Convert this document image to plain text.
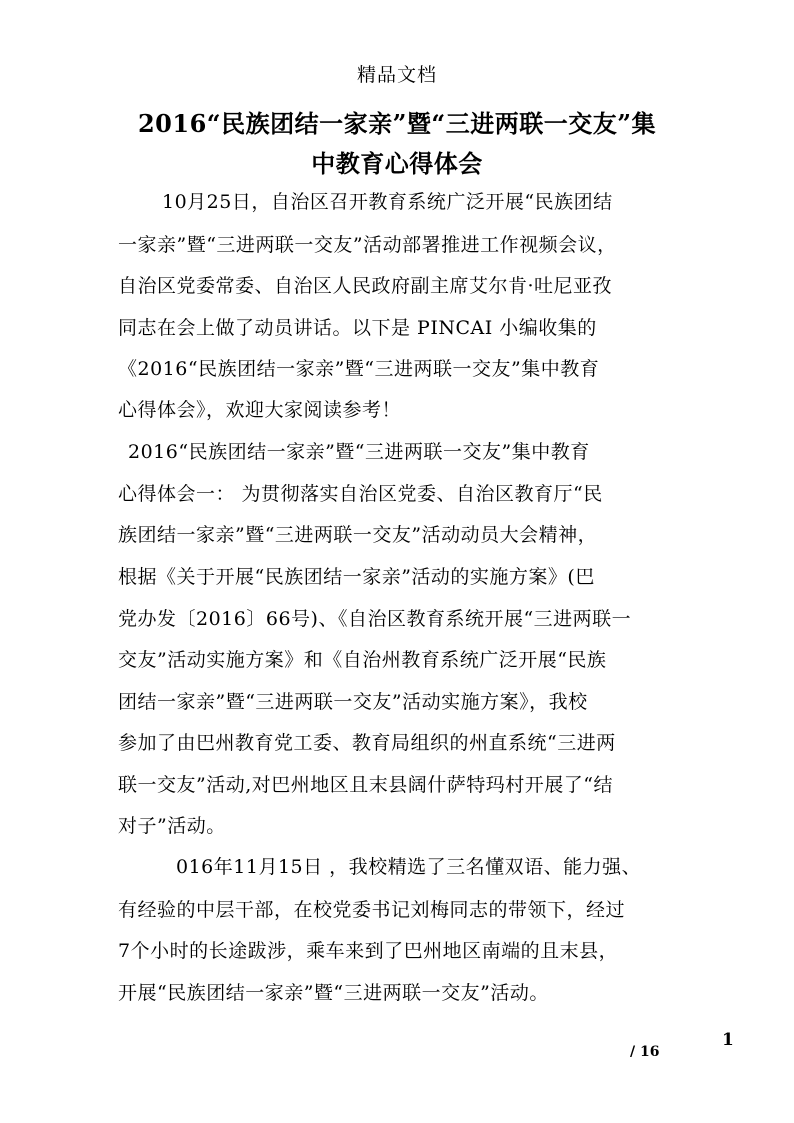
精品文档
2016“民族团结一家亲”暨“三进两联一交友”集
中教育心得体会
10月25日，自治区召开教育系统广泛开展“民族团结
一家亲”暨“三进两联一交友”活动部署推进工作视频会议，
自治区党委常委、自治区人民政府副主席艾尔肯·吐尼亚孜
同志在会上做了动员讲话。以下是 PINCAI 小编收集的
《2016“民族团结一家亲”暨“三进两联一交友”集中教育
心得体会》，欢迎大家阅读参考！
2016“民族团结一家亲”暨“三进两联一交友”集中教育
心得体会一： 为贯彻落实自治区党委、自治区教育厅“民
族团结一家亲”暨“三进两联一交友”活动动员大会精神，
根据《关于开展“民族团结一家亲”活动的实施方案》(巴
党办发〔2016〕66号)、《自治区教育系统开展“三进两联一
交友”活动实施方案》和《自治州教育系统广泛开展“民族
团结一家亲”暨“三进两联一交友”活动实施方案》，我校
参加了由巴州教育党工委、教育局组织的州直系统“三进两
联一交友”活动,对巴州地区且末县阔什萨特玛村开展了“结
对子”活动。
016年11月15日 ，我校精选了三名懂双语、能力强、
有经验的中层干部，在校党委书记刘梅同志的带领下，经过
7个小时的长途跋涉，乘车来到了巴州地区南端的且末县，
开展“民族团结一家亲”暨“三进两联一交友”活动。
1
/ 16
